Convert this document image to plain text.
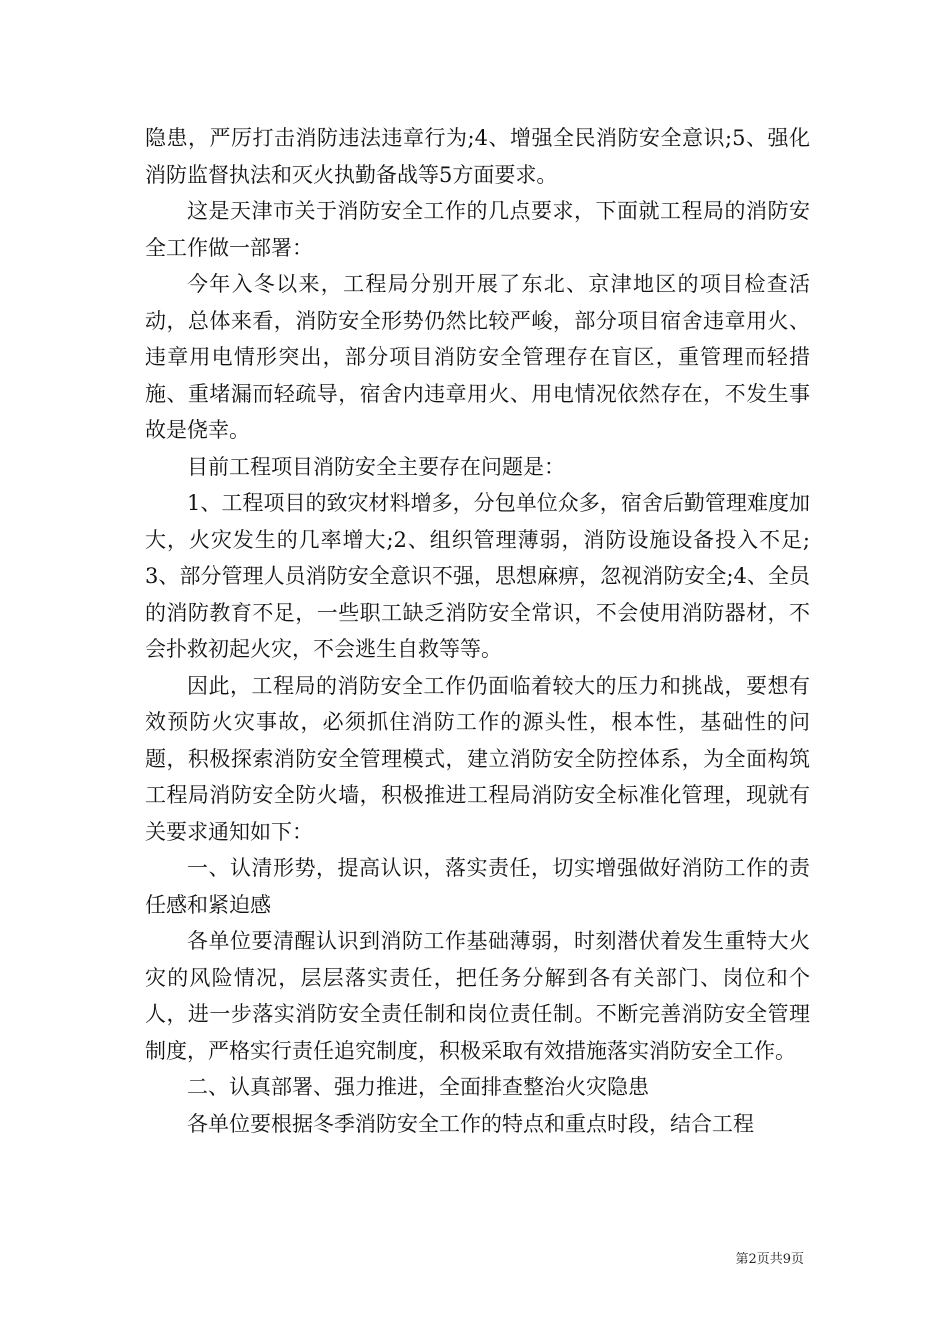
隐患，严厉打击消防违法违章行为;4、增强全民消防安全意识;5、强化消防监督执法和灭火执勤备战等5方面要求。

这是天津市关于消防安全工作的几点要求，下面就工程局的消防安全工作做一部署：

今年入冬以来，工程局分别开展了东北、京津地区的项目检查活动，总体来看，消防安全形势仍然比较严峻，部分项目宿舍违章用火、违章用电情形突出，部分项目消防安全管理存在盲区，重管理而轻措施、重堵漏而轻疏导，宿舍内违章用火、用电情况依然存在，不发生事故是侥幸。

目前工程项目消防安全主要存在问题是：

1、工程项目的致灾材料增多，分包单位众多，宿舍后勤管理难度加大，火灾发生的几率增大;2、组织管理薄弱，消防设施设备投入不足;3、部分管理人员消防安全意识不强，思想麻痹，忽视消防安全;4、全员的消防教育不足，一些职工缺乏消防安全常识，不会使用消防器材，不会扑救初起火灾，不会逃生自救等等。

因此，工程局的消防安全工作仍面临着较大的压力和挑战，要想有效预防火灾事故，必须抓住消防工作的源头性，根本性，基础性的问题，积极探索消防安全管理模式，建立消防安全防控体系，为全面构筑工程局消防安全防火墙，积极推进工程局消防安全标准化管理，现就有关要求通知如下：

一、认清形势，提高认识，落实责任，切实增强做好消防工作的责任感和紧迫感

各单位要清醒认识到消防工作基础薄弱，时刻潜伏着发生重特大火灾的风险情况，层层落实责任，把任务分解到各有关部门、岗位和个人，进一步落实消防安全责任制和岗位责任制。不断完善消防安全管理制度，严格实行责任追究制度，积极采取有效措施落实消防安全工作。

二、认真部署、强力推进，全面排查整治火灾隐患

各单位要根据冬季消防安全工作的特点和重点时段，结合工程

第2页共9页
